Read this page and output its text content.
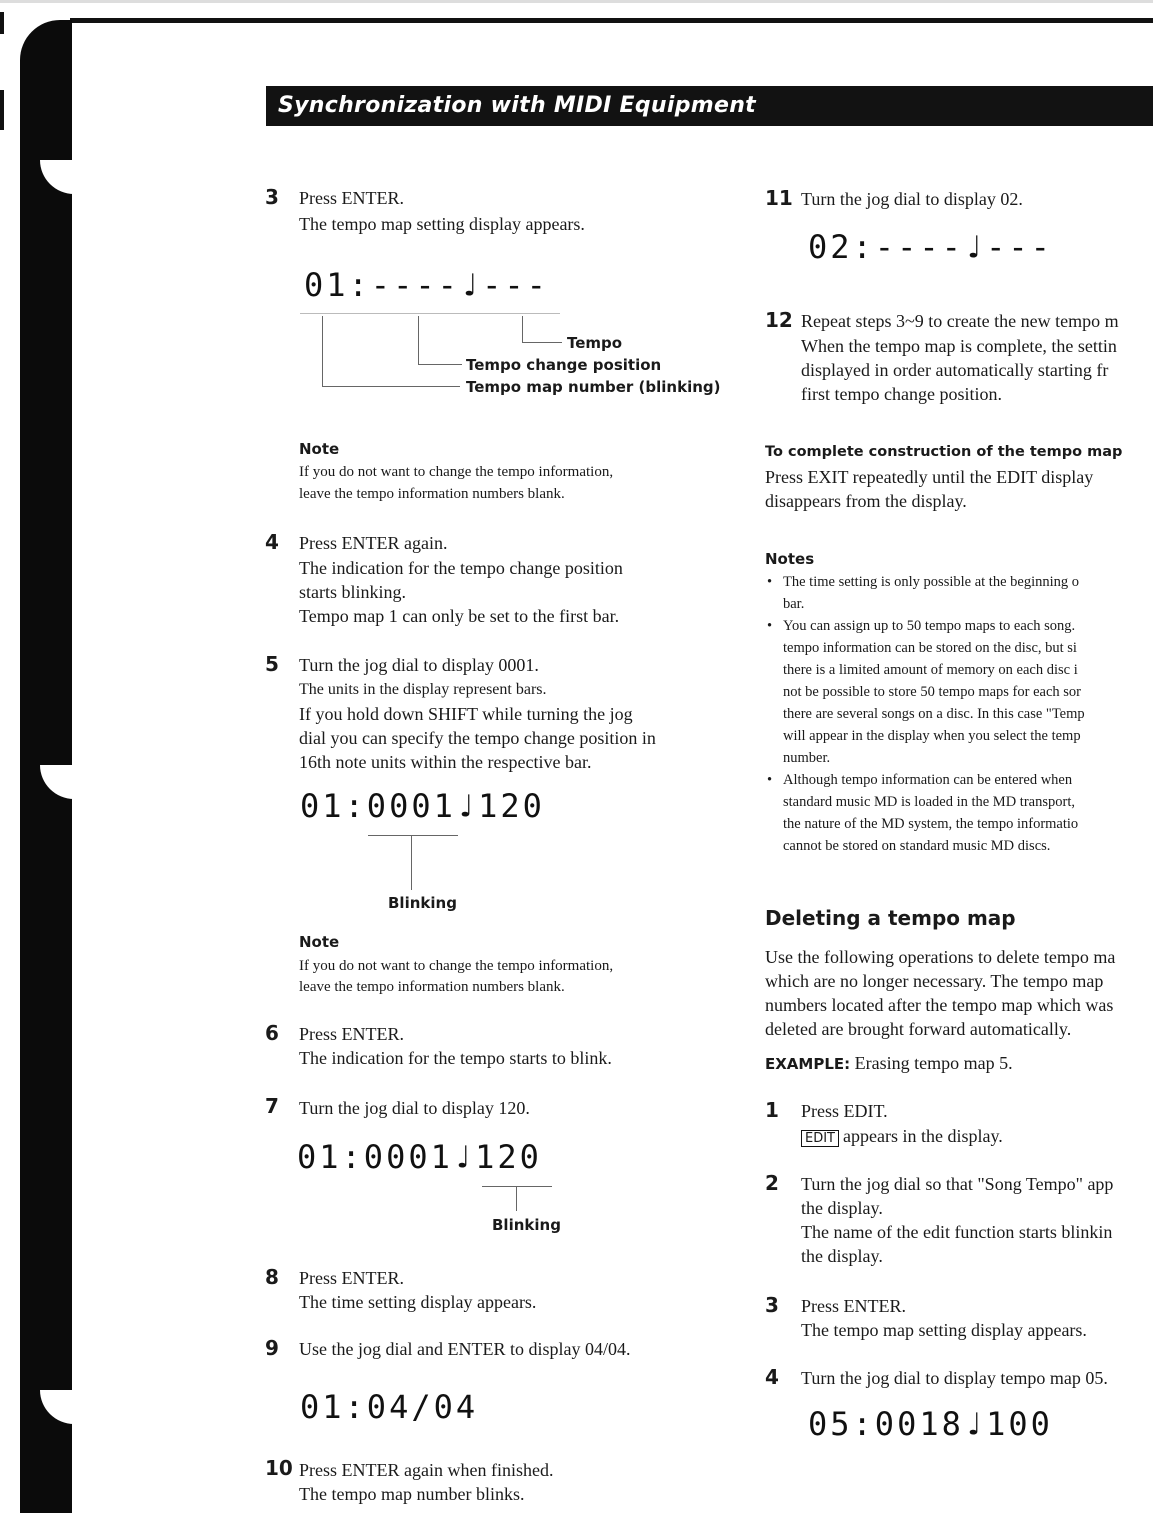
Synchronization with MIDI Equipment
3 Press ENTER.
The tempo map setting display appears.
01:----♩---
Tempo
Tempo change position
Tempo map number (blinking)
Note
If you do not want to change the tempo information,
leave the tempo information numbers blank.
4 Press ENTER again.
The indication for the tempo change position
starts blinking.
Tempo map 1 can only be set to the first bar.
5 Turn the jog dial to display 0001.
The units in the display represent bars.
If you hold down SHIFT while turning the jog
dial you can specify the tempo change position in
16th note units within the respective bar.
01:0001♩120
Blinking
Note
If you do not want to change the tempo information,
leave the tempo information numbers blank.
6 Press ENTER.
The indication for the tempo starts to blink.
7 Turn the jog dial to display 120.
01:0001♩120
Blinking
8 Press ENTER.
The time setting display appears.
9 Use the jog dial and ENTER to display 04/04.
01:04/04
10 Press ENTER again when finished.
The tempo map number blinks.
11 Turn the jog dial to display 02.
02:----♩---
12 Repeat steps 3~9 to create the new tempo m
When the tempo map is complete, the settin
displayed in order automatically starting fr
first tempo change position.
To complete construction of the tempo map
Press EXIT repeatedly until the EDIT display
disappears from the display.
Notes
• The time setting is only possible at the beginning o
bar.
• You can assign up to 50 tempo maps to each song.
tempo information can be stored on the disc, but si
there is a limited amount of memory on each disc i
not be possible to store 50 tempo maps for each sor
there are several songs on a disc. In this case "Temp
will appear in the display when you select the temp
number.
• Although tempo information can be entered when
standard music MD is loaded in the MD transport,
the nature of the MD system, the tempo informatio
cannot be stored on standard music MD discs.
Deleting a tempo map
Use the following operations to delete tempo ma
which are no longer necessary. The tempo map
numbers located after the tempo map which was
deleted are brought forward automatically.
EXAMPLE: Erasing tempo map 5.
1 Press EDIT.
EDIT appears in the display.
2 Turn the jog dial so that "Song Tempo" app
the display.
The name of the edit function starts blinkin
the display.
3 Press ENTER.
The tempo map setting display appears.
4 Turn the jog dial to display tempo map 05.
05:0018♩100
